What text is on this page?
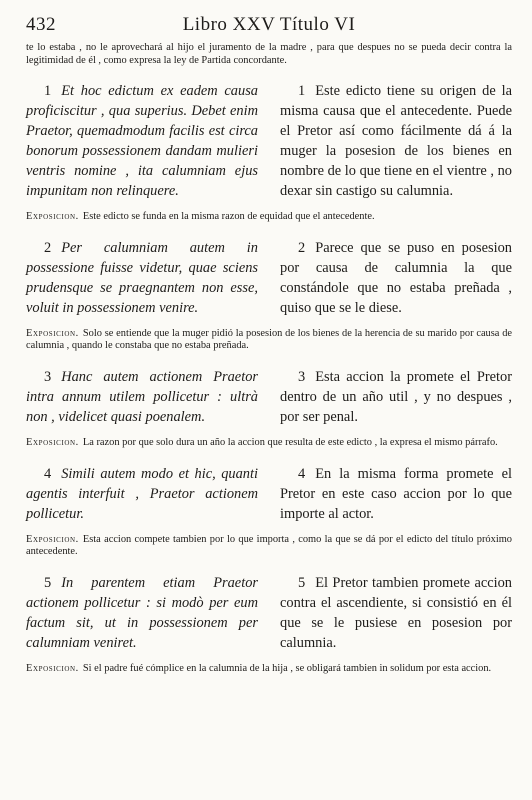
432	Libro XXV Título VI
te lo estaba , no le aprovechará al hijo el juramento de la madre , para que despues no se pueda decir contra la legitimidad de él , como expresa la ley de Partida concordante.
1 Et hoc edictum ex eadem causa proficiscitur , qua superius. Debet enim Praetor, quemadmodum facilis est circa bonorum possessionem dandam mulieri ventris nomine , ita calumniam ejus impunitam non relinquere.
1 Este edicto tiene su origen de la misma causa que el antecedente. Puede el Pretor así como fácilmente dá á la muger la posesion de los bienes en nombre de lo que tiene en el vientre , no dexar sin castigo su calumnia.
Exposicion. Este edicto se funda en la misma razon de equidad que el antecedente.
2 Per calumniam autem in possessione fuisse videtur, quae sciens prudensque se praegnantem non esse, voluit in possessionem venire.
2 Parece que se puso en posesion por causa de calumnia la que constándole que no estaba preñada , quiso que se le diese.
Exposicion. Solo se entiende que la muger pidió la posesion de los bienes de la herencia de su marido por causa de calumnia , quando le constaba que no estaba preñada.
3 Hanc autem actionem Praetor intra annum utilem pollicetur : ultrà non , videlicet quasi poenalem.
3 Esta accion la promete el Pretor dentro de un año util , y no despues , por ser penal.
Exposicion. La razon por que solo dura un año la accion que resulta de este edicto , la expresa el mismo párrafo.
4 Simili autem modo et hic, quanti agentis interfuit , Praetor actionem pollicetur.
4 En la misma forma promete el Pretor en este caso accion por lo que importe al actor.
Exposicion. Esta accion compete tambien por lo que importa , como la que se dá por el edicto del título próximo antecedente.
5 In parentem etiam Praetor actionem pollicetur : si modò per eum factum sit, ut in possessionem per calumniam veniret.
5 El Pretor tambien promete accion contra el ascendiente, si consistió en él que se le pusiese en posesion por calumnia.
Exposicion. Si el padre fué cómplice en la calumnia de la hija , se obligará tambien in solidum por esta accion.
